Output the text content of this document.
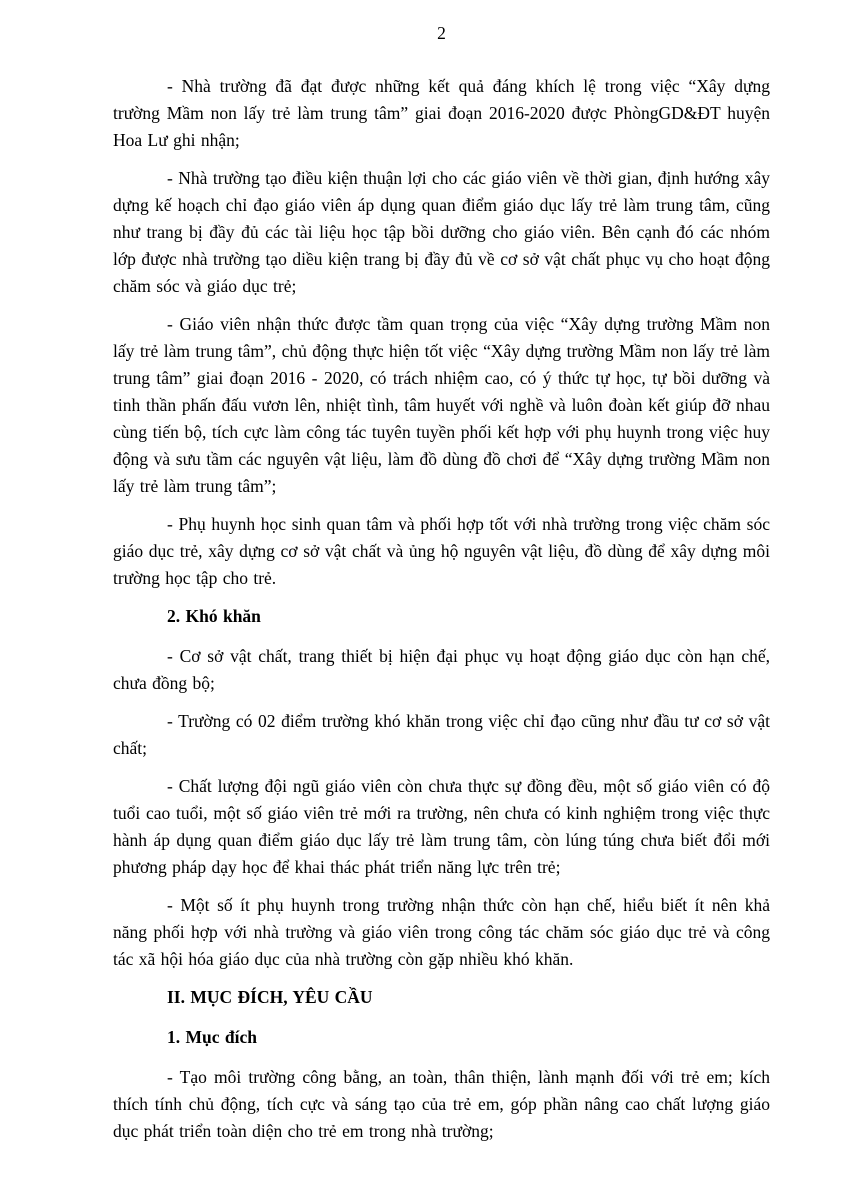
2

- Nhà trường đã đạt được những kết quả đáng khích lệ trong việc “Xây dựng trường Mầm non lấy trẻ làm trung tâm” giai đoạn 2016-2020 được PhòngGD&ĐT huyện Hoa Lư ghi nhận;

- Nhà trường tạo điều kiện thuận lợi cho các giáo viên về thời gian, định hướng xây dựng kế hoạch chỉ đạo giáo viên áp dụng quan điểm giáo dục lấy trẻ làm trung tâm, cũng như trang bị đầy đủ các tài liệu học tập bồi dưỡng cho giáo viên. Bên cạnh đó các nhóm lớp được nhà trường tạo diều kiện trang bị đầy đủ về cơ sở vật chất phục vụ cho hoạt động chăm sóc và giáo dục trẻ;

- Giáo viên nhận thức được tầm quan trọng của việc “Xây dựng trường Mầm non lấy trẻ làm trung tâm”, chủ động thực hiện tốt việc “Xây dựng trường Mầm non lấy trẻ làm trung tâm” giai đoạn 2016 - 2020, có trách nhiệm cao, có ý thức tự học, tự bồi dưỡng và tinh thần phấn đấu vươn lên, nhiệt tình, tâm huyết với nghề và luôn đoàn kết giúp đỡ nhau cùng tiến bộ, tích cực làm công tác tuyên tuyền phối kết hợp với phụ huynh trong việc huy động và sưu tầm các nguyên vật liệu, làm đồ dùng đồ chơi để “Xây dựng trường Mầm non lấy trẻ làm trung tâm”;

- Phụ huynh học sinh quan tâm và phối hợp tốt với nhà trường trong việc chăm sóc giáo dục trẻ, xây dựng cơ sở vật chất và ủng hộ nguyên vật liệu, đồ dùng để xây dựng môi trường học tập cho trẻ.

2. Khó khăn

- Cơ sở vật chất, trang thiết bị hiện đại phục vụ hoạt động giáo dục còn hạn chế, chưa đồng bộ;

- Trường có 02 điểm trường khó khăn trong việc chỉ đạo cũng như đầu tư cơ sở vật chất;

- Chất lượng đội ngũ giáo viên còn chưa thực sự đồng đều, một số giáo viên có độ tuổi cao tuổi, một số giáo viên trẻ mới ra trường, nên chưa có kinh nghiệm trong việc thực hành áp dụng quan điểm giáo dục lấy trẻ làm trung tâm, còn lúng túng chưa biết đổi mới phương pháp dạy học để khai thác phát triển năng lực trên trẻ;

- Một số ít phụ huynh trong trường nhận thức còn hạn chế, hiểu biết ít nên khả năng phối hợp với nhà trường và giáo viên trong công tác chăm sóc giáo dục trẻ và công tác xã hội hóa giáo dục của nhà trường còn gặp nhiều khó khăn.

II. MỤC ĐÍCH, YÊU CẦU

1. Mục đích

- Tạo môi trường công bằng, an toàn, thân thiện, lành mạnh đối với trẻ em; kích thích tính chủ động, tích cực và sáng tạo của trẻ em, góp phần nâng cao chất lượng giáo dục phát triển toàn diện cho trẻ em trong nhà trường;
